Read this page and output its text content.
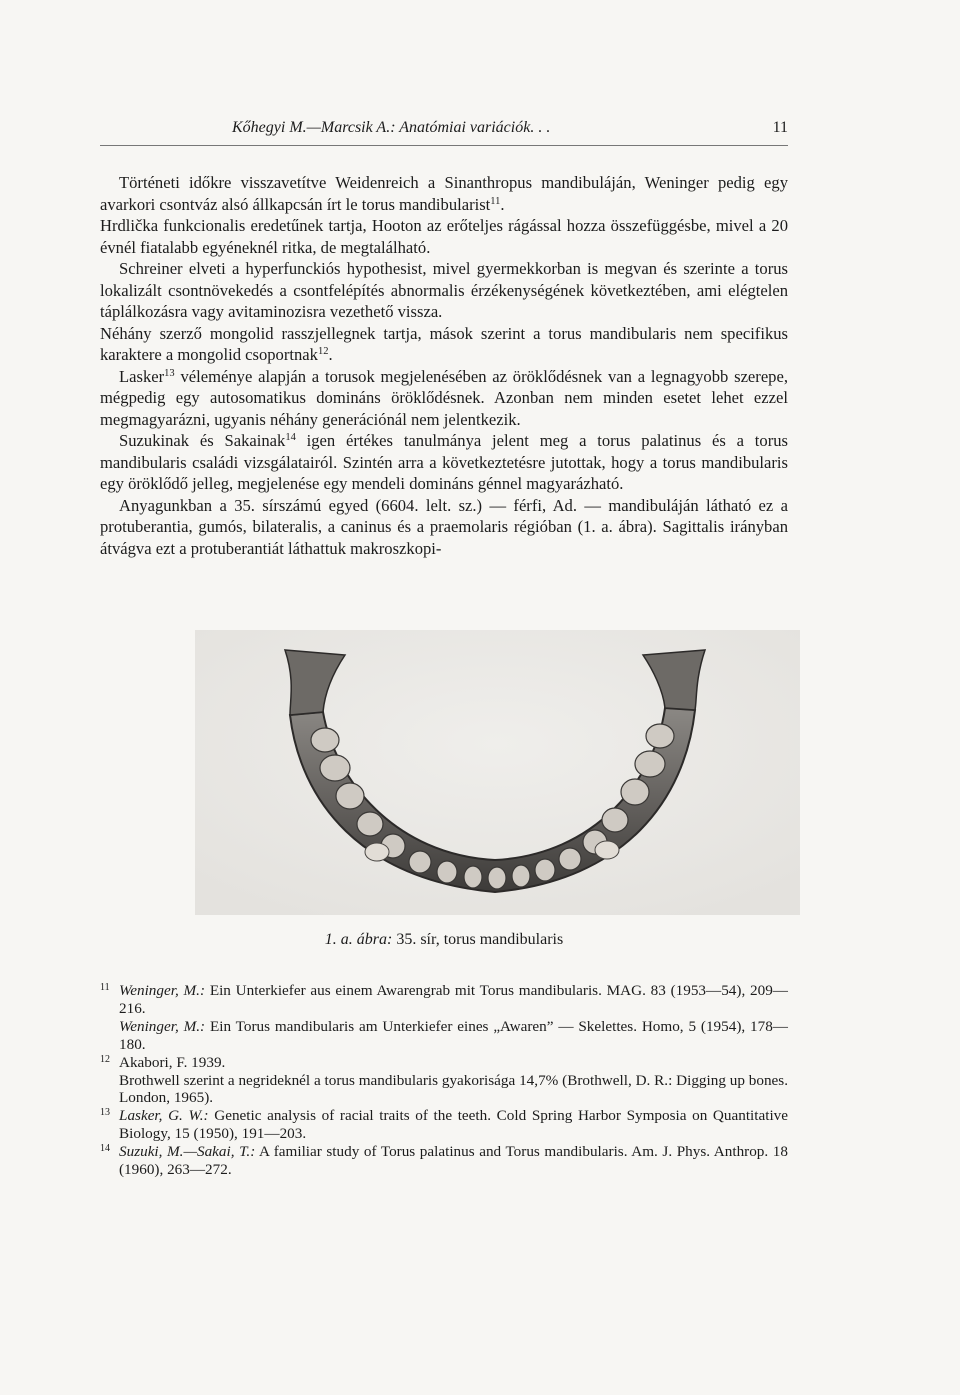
Kőhegyi M.—Marcsik A.: Anatómiai variációk. . .	11

Történeti időkre visszavetítve Weidenreich a Sinanthropus mandibuláján, Weninger pedig egy avarkori csontváz alsó állkapcsán írt le torus mandibularist$^{11}$.

Hrdlička funkcionalis eredetűnek tartja, Hooton az erőteljes rágással hozza összefüggésbe, mivel a 20 évnél fiatalabb egyéneknél ritka, de megtalálható.

Schreiner elveti a hyperfunckiós hypothesist, mivel gyermekkorban is megvan és szerinte a torus lokalizált csontnövekedés a csontfelépítés abnormalis érzékenységének következtében, ami elégtelen táplálkozásra vagy avitaminozisra vezethető vissza.

Néhány szerző mongolid rasszjellegnek tartja, mások szerint a torus mandibularis nem specifikus karaktere a mongolid csoportnak$^{12}$.

Lasker$^{13}$ véleménye alapján a torusok megjelenésében az öröklődésnek van a legnagyobb szerepe, mégpedig egy autosomatikus domináns öröklődésnek. Azonban nem minden esetet lehet ezzel megmagyarázni, ugyanis néhány generációnál nem jelentkezik.

Suzukinak és Sakainak$^{14}$ igen értékes tanulmánya jelent meg a torus palatinus és a torus mandibularis családi vizsgálatairól. Szintén arra a következtetésre jutottak, hogy a torus mandibularis egy öröklődő jelleg, megjelenése egy mendeli domináns génnel magyarázható.

Anyagunkban a 35. sírszámú egyed (6604. lelt. sz.) — férfi, Ad. — mandibuláján látható ez a protuberantia, gumós, bilateralis, a caninus és a praemolaris régióban (1. a. ábra). Sagittalis irányban átvágva ezt a protuberantiát láthattuk makroszkopi-

1. a. ábra: 35. sír, torus mandibularis
11 Weninger, M.: Ein Unterkiefer aus einem Awarengrab mit Torus mandibularis. MAG. 83 (1953—54), 209—216.
Weninger, M.: Ein Torus mandibularis am Unterkiefer eines „Awaren” — Skelettes. Homo, 5 (1954), 178—180.
12 Akabori, F. 1939.
Brothwell szerint a negrideknél a torus mandibularis gyakorisága 14,7% (Brothwell, D. R.: Digging up bones. London, 1965).
13 Lasker, G. W.: Genetic analysis of racial traits of the teeth. Cold Spring Harbor Symposia on Quantitative Biology, 15 (1950), 191—203.
14 Suzuki, M.—Sakai, T.: A familiar study of Torus palatinus and Torus mandibularis. Am. J. Phys. Anthrop. 18 (1960), 263—272.
